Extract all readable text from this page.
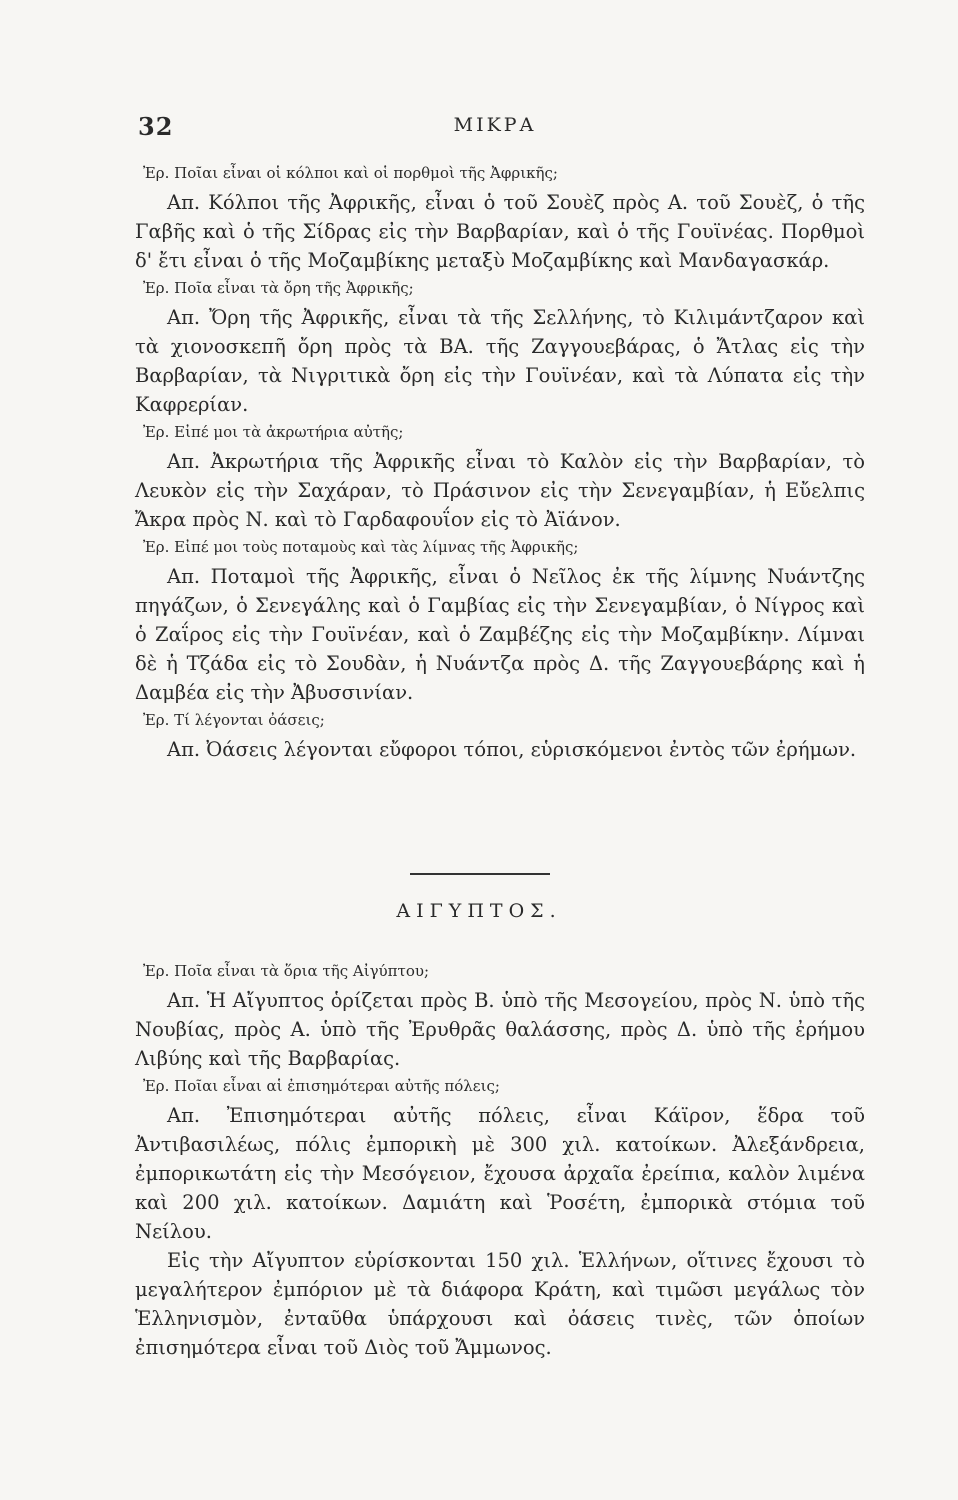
32	ΜΙΚΡΑ

Ἐρ. Ποῖαι εἶναι οἱ κόλποι καὶ οἱ πορθμοὶ τῆς Ἀφρικῆς;

Απ. Κόλποι τῆς Ἀφρικῆς, εἶναι ὁ τοῦ Σουὲζ πρὸς Α. τοῦ Σουὲζ, ὁ τῆς Γαβῆς καὶ ὁ τῆς Σίδρας εἰς τὴν Βαρβαρίαν, καὶ ὁ τῆς Γουϊνέας. Πορθμοὶ δ' ἔτι εἶναι ὁ τῆς Μοζαμβίκης μεταξὺ Μοζαμβίκης καὶ Μανδαγασκάρ.

Ἐρ. Ποῖα εἶναι τὰ ὄρη τῆς Ἀφρικῆς;

Απ. Ὄρη τῆς Ἀφρικῆς, εἶναι τὰ τῆς Σελλήνης, τὸ Κιλιμάντζαρον καὶ τὰ χιονοσκεπῆ ὄρη πρὸς τὰ ΒΑ. τῆς Ζαγγουεβάρας, ὁ Ἄτλας εἰς τὴν Βαρβαρίαν, τὰ Νιγριτικὰ ὄρη εἰς τὴν Γουϊνέαν, καὶ τὰ Λύπατα εἰς τὴν Καφρερίαν.

Ἐρ. Εἰπέ μοι τὰ ἀκρωτήρια αὐτῆς;

Απ. Ἀκρωτήρια τῆς Ἀφρικῆς εἶναι τὸ Καλὸν εἰς τὴν Βαρβαρίαν, τὸ Λευκὸν εἰς τὴν Σαχάραν, τὸ Πράσινον εἰς τὴν Σενεγαμβίαν, ἡ Εὔελπις Ἄκρα πρὸς Ν. καὶ τὸ Γαρδαφουΐον εἰς τὸ Ἀϊάνον.

Ἐρ. Εἰπέ μοι τοὺς ποταμοὺς καὶ τὰς λίμνας τῆς Ἀφρικῆς;

Απ. Ποταμοὶ τῆς Ἀφρικῆς, εἶναι ὁ Νεῖλος ἐκ τῆς λίμνης Νυάντζης πηγάζων, ὁ Σενεγάλης καὶ ὁ Γαμβίας εἰς τὴν Σενεγαμβίαν, ὁ Νίγρος καὶ ὁ Ζαΐρος εἰς τὴν Γουϊνέαν, καὶ ὁ Ζαμβέζης εἰς τὴν Μοζαμβίκην. Λίμναι δὲ ἡ Τζάδα εἰς τὸ Σουδὰν, ἡ Νυάντζα πρὸς Δ. τῆς Ζαγγουεβάρης καὶ ἡ Δαμβέα εἰς τὴν Ἀβυσσινίαν.

Ἐρ. Τί λέγονται ὀάσεις;

Απ. Ὀάσεις λέγονται εὔφοροι τόποι, εὑρισκόμενοι ἐντὸς τῶν ἐρήμων.

ΑΙΓΥΠΤΟΣ.

Ἐρ. Ποῖα εἶναι τὰ ὅρια τῆς Αἰγύπτου;

Απ. Ἡ Αἴγυπτος ὁρίζεται πρὸς Β. ὑπὸ τῆς Μεσογείου, πρὸς Ν. ὑπὸ τῆς Νουβίας, πρὸς Α. ὑπὸ τῆς Ἐρυθρᾶς θαλάσσης, πρὸς Δ. ὑπὸ τῆς ἐρήμου Λιβύης καὶ τῆς Βαρβαρίας.

Ἐρ. Ποῖαι εἶναι αἱ ἐπισημότεραι αὐτῆς πόλεις;

Απ. Ἐπισημότεραι αὐτῆς πόλεις, εἶναι Κάϊρον, ἕδρα τοῦ Ἀντιβασιλέως, πόλις ἐμπορικὴ μὲ 300 χιλ. κατοίκων. Ἀλεξάνδρεια, ἐμπορικωτάτη εἰς τὴν Μεσόγειον, ἔχουσα ἀρχαῖα ἐρείπια, καλὸν λιμένα καὶ 200 χιλ. κατοίκων. Δαμιάτη καὶ Ῥοσέτη, ἐμπορικὰ στόμια τοῦ Νείλου.

Εἰς τὴν Αἴγυπτον εὑρίσκονται 150 χιλ. Ἑλλήνων, οἵτινες ἔχουσι τὸ μεγαλήτερον ἐμπόριον μὲ τὰ διάφορα Κράτη, καὶ τιμῶσι μεγάλως τὸν Ἑλληνισμὸν, ἐνταῦθα ὑπάρχουσι καὶ ὀάσεις τινὲς, τῶν ὁποίων ἐπισημότερα εἶναι τοῦ Διὸς τοῦ Ἄμμωνος.
